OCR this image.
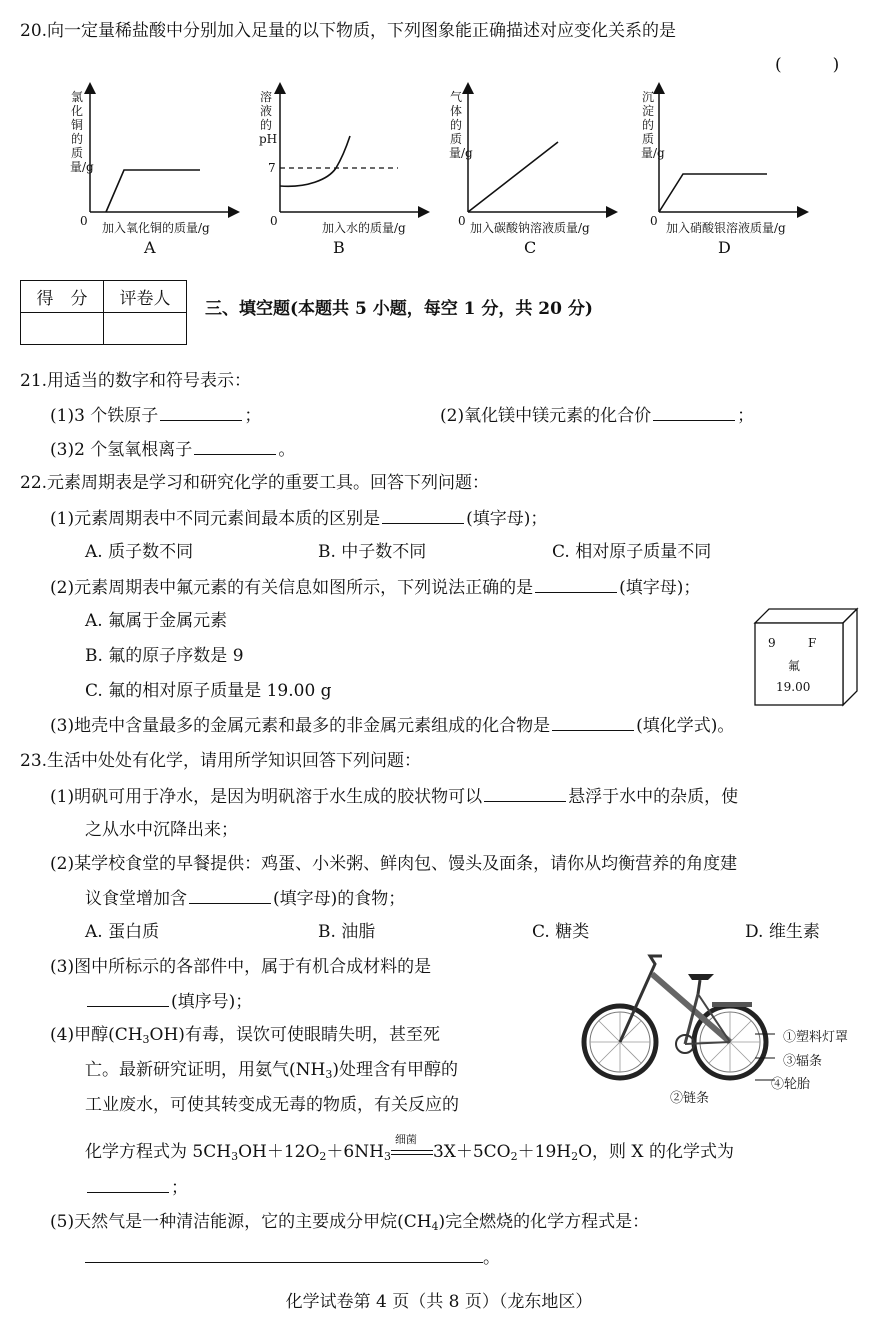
20.向一定量稀盐酸中分别加入足量的以下物质，下列图象能正确描述对应变化关系的是
(　　　)
氯化铜的质量/g
0 加入氧化铜的质量/g
A
溶液的pH
7
0	加入水的质量/g
B
气体的质量/g
0 加入碳酸钠溶液质量/g
C
沉淀的质量/g
0 加入硝酸银溶液质量/g
D
得　分	评卷人
	三、填空题(本题共 5 小题，每空 1 分，共 20 分)
21.用适当的数字和符号表示：
(1)3 个铁原子	；	(2)氧化镁中镁元素的化合价	；
(3)2 个氢氧根离子	。
22.元素周期表是学习和研究化学的重要工具。回答下列问题：
(1)元素周期表中不同元素间最本质的区别是	(填字母)；
A. 质子数不同	B. 中子数不同	C. 相对原子质量不同
(2)元素周期表中氟元素的有关信息如图所示，下列说法正确的是	(填字母)；
A. 氟属于金属元素
B. 氟的原子序数是 9
C. 氟的相对原子质量是 19.00 g
9	F
氟
19.00
(3)地壳中含量最多的金属元素和最多的非金属元素组成的化合物是	(填化学式)。
23.生活中处处有化学，请用所学知识回答下列问题：
(1)明矾可用于净水，是因为明矾溶于水生成的胶状物可以	悬浮于水中的杂质，使
之从水中沉降出来；
(2)某学校食堂的早餐提供：鸡蛋、小米粥、鲜肉包、馒头及面条，请你从均衡营养的角度建
议食堂增加含	(填字母)的食物；
A. 蛋白质	B. 油脂	C. 糖类	D. 维生素
(3)图中所标示的各部件中，属于有机合成材料的是
(填序号)；
(4)甲醇$(CH_3OH)$有毒，误饮可使眼睛失明，甚至死
亡。最新研究证明，用氨气$(NH_3)$处理含有甲醇的
工业废水，可使其转变成无毒的物质，有关反应的
①塑料灯罩
③辐条
④轮胎
②链条
化学方程式为 $5CH_3OH+12O_2+6NH_3$
细菌
$3X+5CO_2+19H_2O$，则 X 的化学式为
；
(5)天然气是一种清洁能源，它的主要成分甲烷$(CH_4)$完全燃烧的化学方程式是：
。
化学试卷第 4 页（共 8 页）（龙东地区）
